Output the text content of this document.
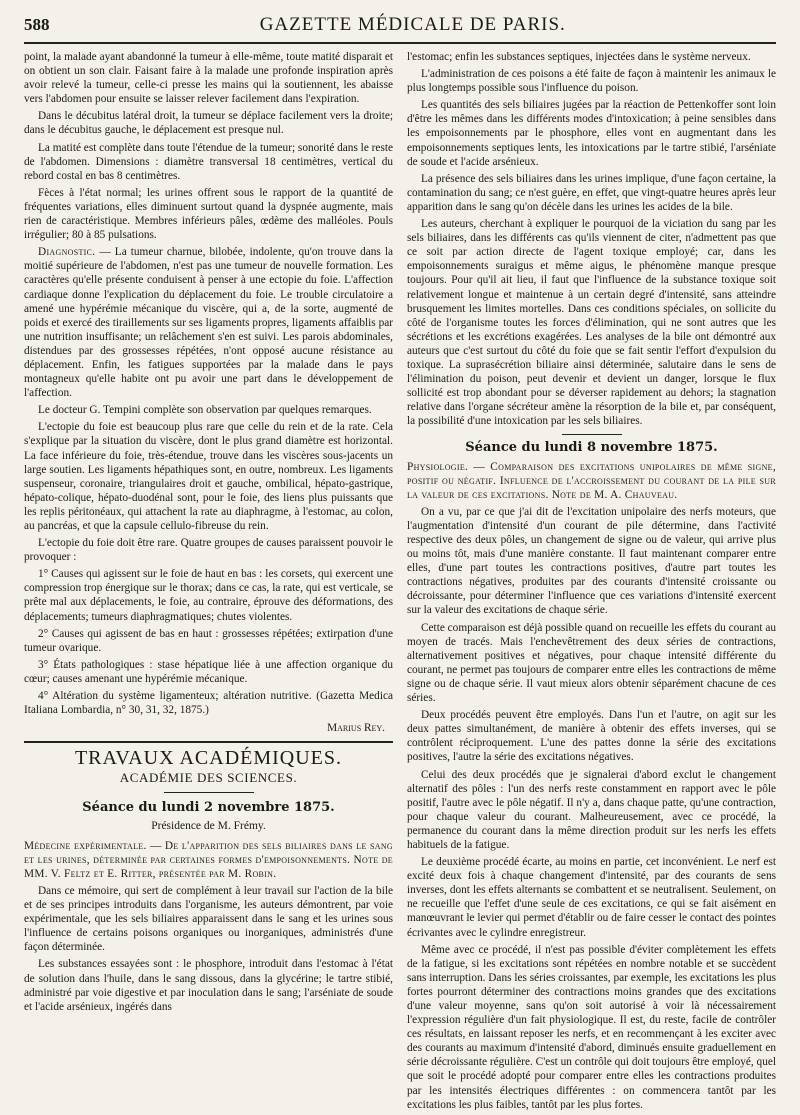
588	GAZETTE MÉDICALE DE PARIS.

point, la malade ayant abandonné la tumeur à elle-même, toute matité disparait et on obtient un son clair. Faisant faire à la malade une profonde inspiration après avoir relevé la tumeur, celle-ci presse les mains qui la soutiennent, les abaisse vers l'abdomen pour ensuite se laisser relever facilement dans l'expiration.

Dans le décubitus latéral droit, la tumeur se déplace facilement vers la droite; dans le décubitus gauche, le déplacement est presque nul.

La matité est complète dans toute l'étendue de la tumeur; sonorité dans le reste de l'abdomen. Dimensions : diamètre transversal 18 centimètres, vertical du rebord costal en bas 8 centimètres.

Fèces à l'état normal; les urines offrent sous le rapport de la quantité de fréquentes variations, elles diminuent surtout quand la dyspnée augmente, mais rien de caractéristique. Membres inférieurs pâles, œdème des malléoles. Pouls irrégulier; 80 à 85 pulsations.

Diagnostic. — La tumeur charnue, bilobée, indolente, qu'on trouve dans la moitié supérieure de l'abdomen, n'est pas une tumeur de nouvelle formation. Les caractères qu'elle présente conduisent à penser à une ectopie du foie. L'affection cardiaque donne l'explication du déplacement du foie. Le trouble circulatoire a amené une hypérémie mécanique du viscère, qui a, de la sorte, augmenté de poids et exercé des tiraillements sur ses ligaments propres, ligaments affaiblis par une nutrition insuffisante; un relâchement s'en est suivi. Les parois abdominales, distendues par des grossesses répétées, n'ont opposé aucune résistance au déplacement. Enfin, les fatigues supportées par la malade dans le pays montagneux qu'elle habite ont pu avoir une part dans le développement de l'affection.

Le docteur G. Tempini complète son observation par quelques remarques.

L'ectopie du foie est beaucoup plus rare que celle du rein et de la rate. Cela s'explique par la situation du viscère, dont le plus grand diamètre est horizontal. La face inférieure du foie, très-étendue, trouve dans les viscères sous-jacents un large soutien. Les ligaments hépathiques sont, en outre, nombreux. Les ligaments suspenseur, coronaire, triangulaires droit et gauche, ombilical, hépato-gastrique, hépato-colique, hépato-duodénal sont, pour le foie, des liens plus puissants que les replis péritonéaux, qui attachent la rate au diaphragme, à l'estomac, au colon, au pancréas, et que la capsule cellulo-fibreuse du rein.

L'ectopie du foie doit être rare. Quatre groupes de causes paraissent pouvoir le provoquer :

1° Causes qui agissent sur le foie de haut en bas : les corsets, qui exercent une compression trop énergique sur le thorax; dans ce cas, la rate, qui est verticale, se prête mal aux déplacements, le foie, au contraire, éprouve des déformations, des déplacements; tumeurs diaphragmatiques; chutes violentes.

2° Causes qui agissent de bas en haut : grossesses répétées; extirpation d'une tumeur ovarique.

3° États pathologiques : stase hépatique liée à une affection organique du cœur; causes amenant une hypérémie mécanique.

4° Altération du système ligamenteux; altération nutritive. (Gazetta Medica Italiana Lombardia, n° 30, 31, 32, 1875.)

Marius Rey.
TRAVAUX ACADÉMIQUES.
ACADÉMIE DES SCIENCES.
Séance du lundi 2 novembre 1875.
Présidence de M. Frémy.

Médecine expérimentale. — De l'apparition des sels biliaires dans le sang et les urines, déterminée par certaines formes d'empoisonnements. Note de MM. V. Feltz et E. Ritter, présentée par M. Robin.

Dans ce mémoire, qui sert de complément à leur travail sur l'action de la bile et de ses principes introduits dans l'organisme, les auteurs démontrent, par voie expérimentale, que les sels biliaires apparaissent dans le sang et les urines sous l'influence de certains poisons organiques ou inorganiques, administrés d'une façon déterminée.

Les substances essayées sont : le phosphore, introduit dans l'estomac à l'état de solution dans l'huile, dans le sang dissous, dans la glycérine; le tartre stibié, administré par voie digestive et par inoculation dans le sang; l'arséniate de soude et l'acide arsénieux, ingérés dans

l'estomac; enfin les substances septiques, injectées dans le système nerveux.

L'administration de ces poisons a été faite de façon à maintenir les animaux le plus longtemps possible sous l'influence du poison.

Les quantités des sels biliaires jugées par la réaction de Pettenkoffer sont loin d'être les mêmes dans les différents modes d'intoxication; à peine sensibles dans les empoisonnements par le phosphore, elles vont en augmentant dans les empoisonnements septiques lents, les intoxications par le tartre stibié, l'arséniate de soude et l'acide arsénieux.

La présence des sels biliaires dans les urines implique, d'une façon certaine, la contamination du sang; ce n'est guère, en effet, que vingt-quatre heures après leur apparition dans le sang qu'on décèle dans les urines les acides de la bile.

Les auteurs, cherchant à expliquer le pourquoi de la viciation du sang par les sels biliaires, dans les différents cas qu'ils viennent de citer, n'admettent pas que ce soit par action directe de l'agent toxique employé; car, dans les empoisonnements suraigus et même aigus, le phénomène manque presque toujours. Pour qu'il ait lieu, il faut que l'influence de la substance toxique soit relativement longue et maintenue à un certain degré d'intensité, sans atteindre brusquement les limites mortelles. Dans ces conditions spéciales, on sollicite du côté de l'organisme toutes les forces d'élimination, qui ne sont autres que les sécrétions et les excrétions exagérées. Les analyses de la bile ont démontré aux auteurs que c'est surtout du côté du foie que se fait sentir l'effort d'expulsion du toxique. La suprasécrétion biliaire ainsi déterminée, salutaire dans le sens de l'élimination du poison, peut devenir et devient un danger, lorsque le flux sollicité est trop abondant pour se déverser rapidement au dehors; la stagnation relative dans l'organe sécréteur amène la résorption de la bile et, par conséquent, la possibilité d'une intoxication par les sels biliaires.

Séance du lundi 8 novembre 1875.

Physiologie. — Comparaison des excitations unipolaires de même signe, positif ou négatif. Influence de l'accroissement du courant de la pile sur la valeur de ces excitations. Note de M. A. Chauveau.

On a vu, par ce que j'ai dit de l'excitation unipolaire des nerfs moteurs, que l'augmentation d'intensité d'un courant de pile détermine, dans l'activité respective des deux pôles, un changement de signe ou de valeur, qui arrive plus ou moins tôt, mais d'une manière constante. Il faut maintenant comparer entre elles, d'une part toutes les contractions positives, d'autre part toutes les contractions négatives, produites par des courants d'intensité croissante ou décroissante, pour déterminer l'influence que ces variations d'intensité exercent sur la valeur des excitations de chaque série.

Cette comparaison est déjà possible quand on recueille les effets du courant au moyen de tracés. Mais l'enchevêtrement des deux séries de contractions, alternativement positives et négatives, pour chaque intensité différente du courant, ne permet pas toujours de comparer entre elles les contractions de même signe ou de chaque série. Il vaut mieux alors obtenir séparément chacune de ces séries.

Deux procédés peuvent être employés. Dans l'un et l'autre, on agit sur les deux pattes simultanément, de manière à obtenir des effets inverses, qui se contrôlent réciproquement. L'une des pattes donne la série des excitations positives, l'autre la série des excitations négatives.

Celui des deux procédés que je signalerai d'abord exclut le changement alternatif des pôles : l'un des nerfs reste constamment en rapport avec le pôle positif, l'autre avec le pôle négatif. Il n'y a, dans chaque patte, qu'une contraction, pour chaque valeur du courant. Malheureusement, avec ce procédé, la permanence du courant dans la même direction produit sur les nerfs les effets habituels de la fatigue.

Le deuxième procédé écarte, au moins en partie, cet inconvénient. Le nerf est excité deux fois à chaque changement d'intensité, par des courants de sens inverses, dont les effets alternants se combattent et se neutralisent. Seulement, on ne recueille que l'effet d'une seule de ces excitations, ce qui se fait aisément en manœuvrant le levier qui permet d'établir ou de faire cesser le contact des pointes écrivantes avec le cylindre enregistreur.

Même avec ce procédé, il n'est pas possible d'éviter complètement les effets de la fatigue, si les excitations sont répétées en nombre notable et se succèdent sans interruption. Dans les séries croissantes, par exemple, les excitations les plus fortes pourront déterminer des contractions moins grandes que des excitations d'une valeur moyenne, sans qu'on soit autorisé à voir là nécessairement l'expression régulière d'un fait physiologique. Il est, du reste, facile de contrôler ces résultats, en laissant reposer les nerfs, et en recommençant à les exciter avec des courants au maximum d'intensité d'abord, diminués ensuite graduellement en série décroissante régulière. C'est un contrôle qui doit toujours être employé, quel que soit le procédé adopté pour comparer entre elles les contractions produites par les intensités électriques différentes : on commencera tantôt par les excitations les plus faibles, tantôt par les plus fortes.
